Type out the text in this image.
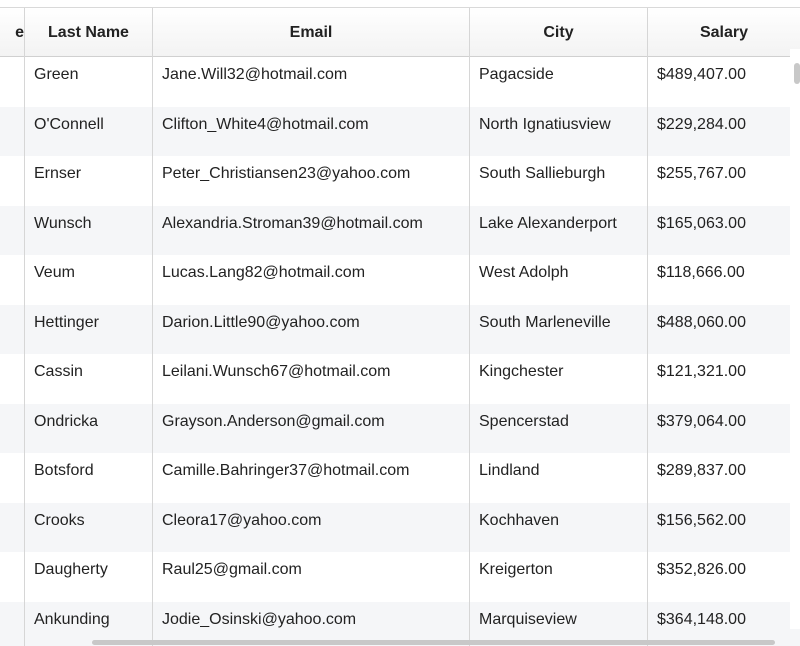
e	Last Name	Email	City	Salary
Green	Jane.Will32@hotmail.com	Pagacside	$489,407.00
O'Connell	Clifton_White4@hotmail.com	North Ignatiusview	$229,284.00
Ernser	Peter_Christiansen23@yahoo.com	South Sallieburgh	$255,767.00
Wunsch	Alexandria.Stroman39@hotmail.com	Lake Alexanderport	$165,063.00
Veum	Lucas.Lang82@hotmail.com	West Adolph	$118,666.00
Hettinger	Darion.Little90@yahoo.com	South Marleneville	$488,060.00
Cassin	Leilani.Wunsch67@hotmail.com	Kingchester	$121,321.00
Ondricka	Grayson.Anderson@gmail.com	Spencerstad	$379,064.00
Botsford	Camille.Bahringer37@hotmail.com	Lindland	$289,837.00
Crooks	Cleora17@yahoo.com	Kochhaven	$156,562.00
Daugherty	Raul25@gmail.com	Kreigerton	$352,826.00
Ankunding	Jodie_Osinski@yahoo.com	Marquiseview	$364,148.00
